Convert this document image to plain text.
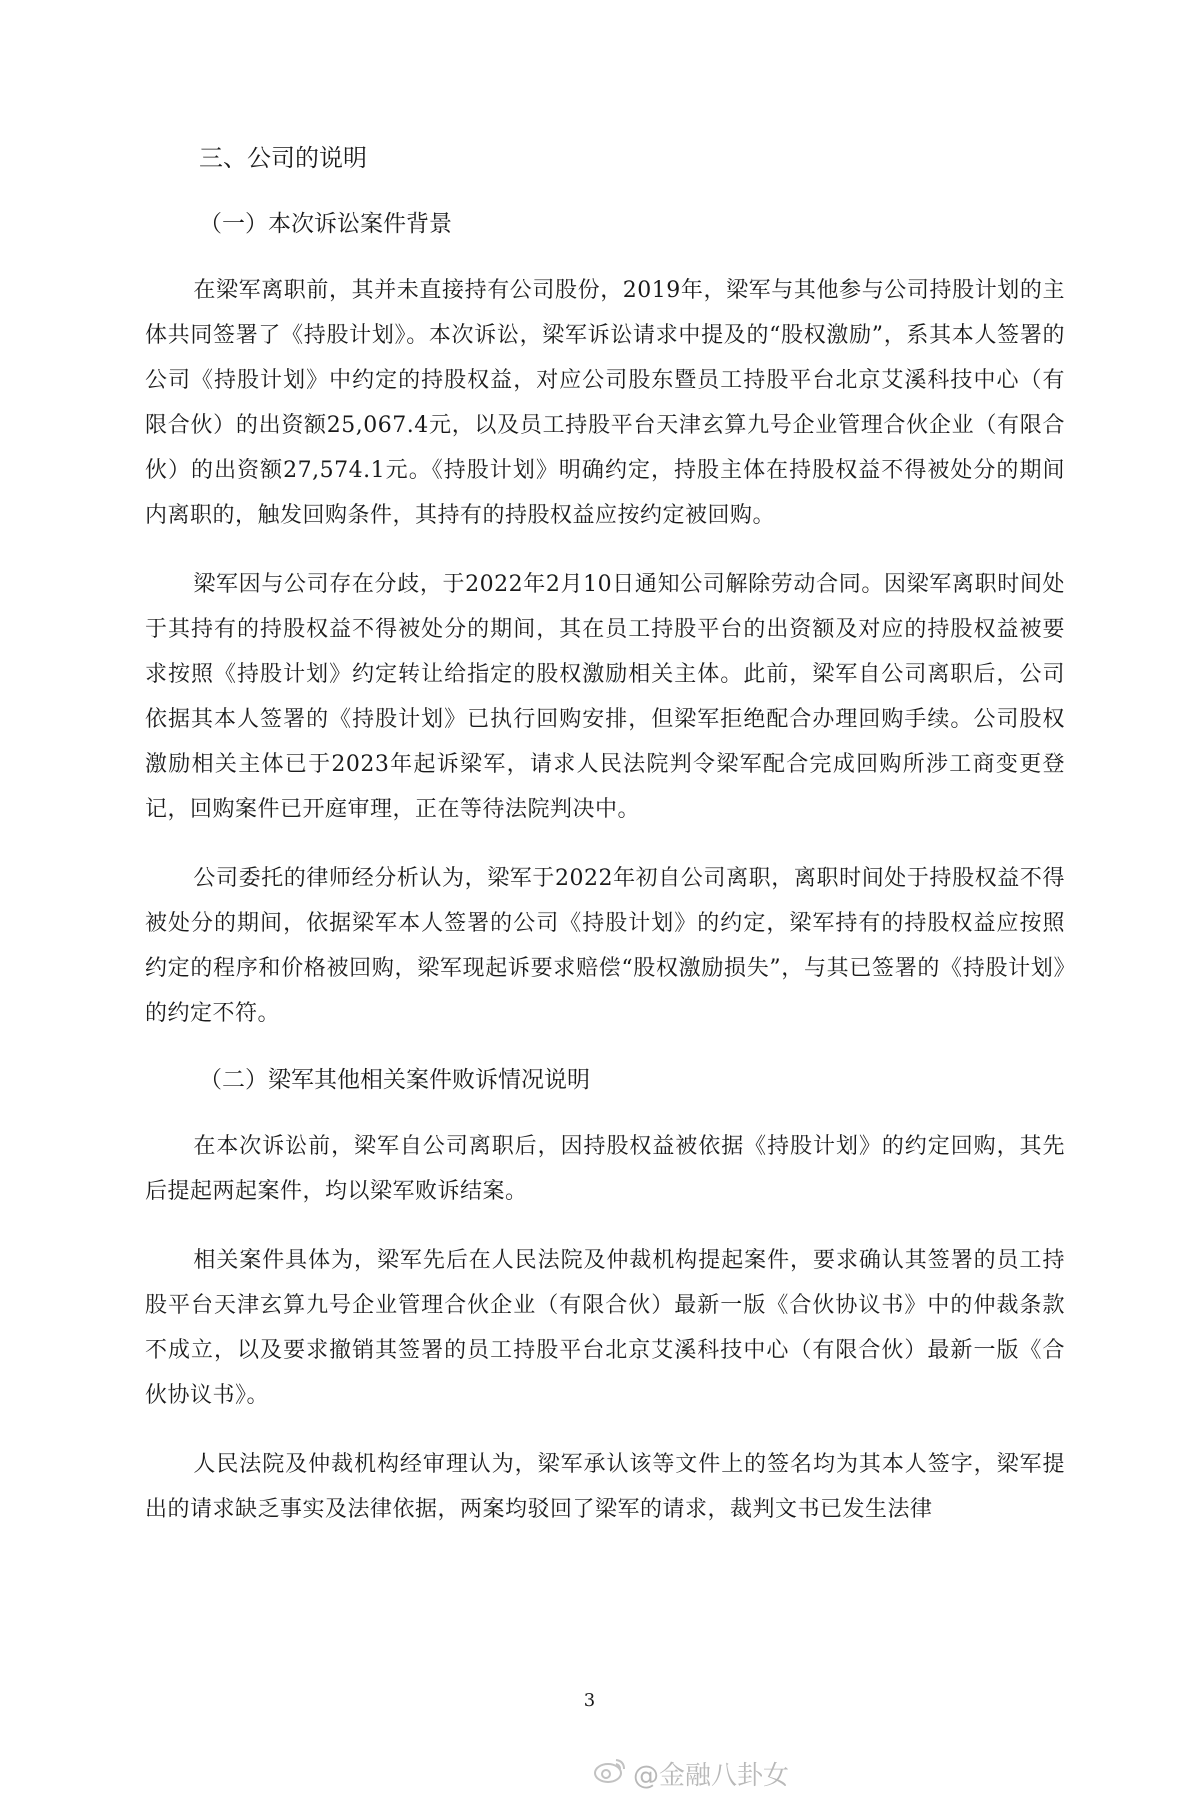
三、公司的说明
（一）本次诉讼案件背景

在梁军离职前，其并未直接持有公司股份，2019年，梁军与其他参与公司持股计划的主体共同签署了《持股计划》。本次诉讼，梁军诉讼请求中提及的“股权激励”，系其本人签署的公司《持股计划》中约定的持股权益，对应公司股东暨员工持股平台北京艾溪科技中心（有限合伙）的出资额25,067.4元，以及员工持股平台天津玄算九号企业管理合伙企业（有限合伙）的出资额27,574.1元。《持股计划》明确约定，持股主体在持股权益不得被处分的期间内离职的，触发回购条件，其持有的持股权益应按约定被回购。

梁军因与公司存在分歧，于2022年2月10日通知公司解除劳动合同。因梁军离职时间处于其持有的持股权益不得被处分的期间，其在员工持股平台的出资额及对应的持股权益被要求按照《持股计划》约定转让给指定的股权激励相关主体。此前，梁军自公司离职后，公司依据其本人签署的《持股计划》已执行回购安排，但梁军拒绝配合办理回购手续。公司股权激励相关主体已于2023年起诉梁军，请求人民法院判令梁军配合完成回购所涉工商变更登记，回购案件已开庭审理，正在等待法院判决中。

公司委托的律师经分析认为，梁军于2022年初自公司离职，离职时间处于持股权益不得被处分的期间，依据梁军本人签署的公司《持股计划》的约定，梁军持有的持股权益应按照约定的程序和价格被回购，梁军现起诉要求赔偿“股权激励损失”，与其已签署的《持股计划》的约定不符。

（二）梁军其他相关案件败诉情况说明

在本次诉讼前，梁军自公司离职后，因持股权益被依据《持股计划》的约定回购，其先后提起两起案件，均以梁军败诉结案。

相关案件具体为，梁军先后在人民法院及仲裁机构提起案件，要求确认其签署的员工持股平台天津玄算九号企业管理合伙企业（有限合伙）最新一版《合伙协议书》中的仲裁条款不成立，以及要求撤销其签署的员工持股平台北京艾溪科技中心（有限合伙）最新一版《合伙协议书》。

人民法院及仲裁机构经审理认为，梁军承认该等文件上的签名均为其本人签字，梁军提出的请求缺乏事实及法律依据，两案均驳回了梁军的请求，裁判文书已发生法律

3
@金融八卦女
